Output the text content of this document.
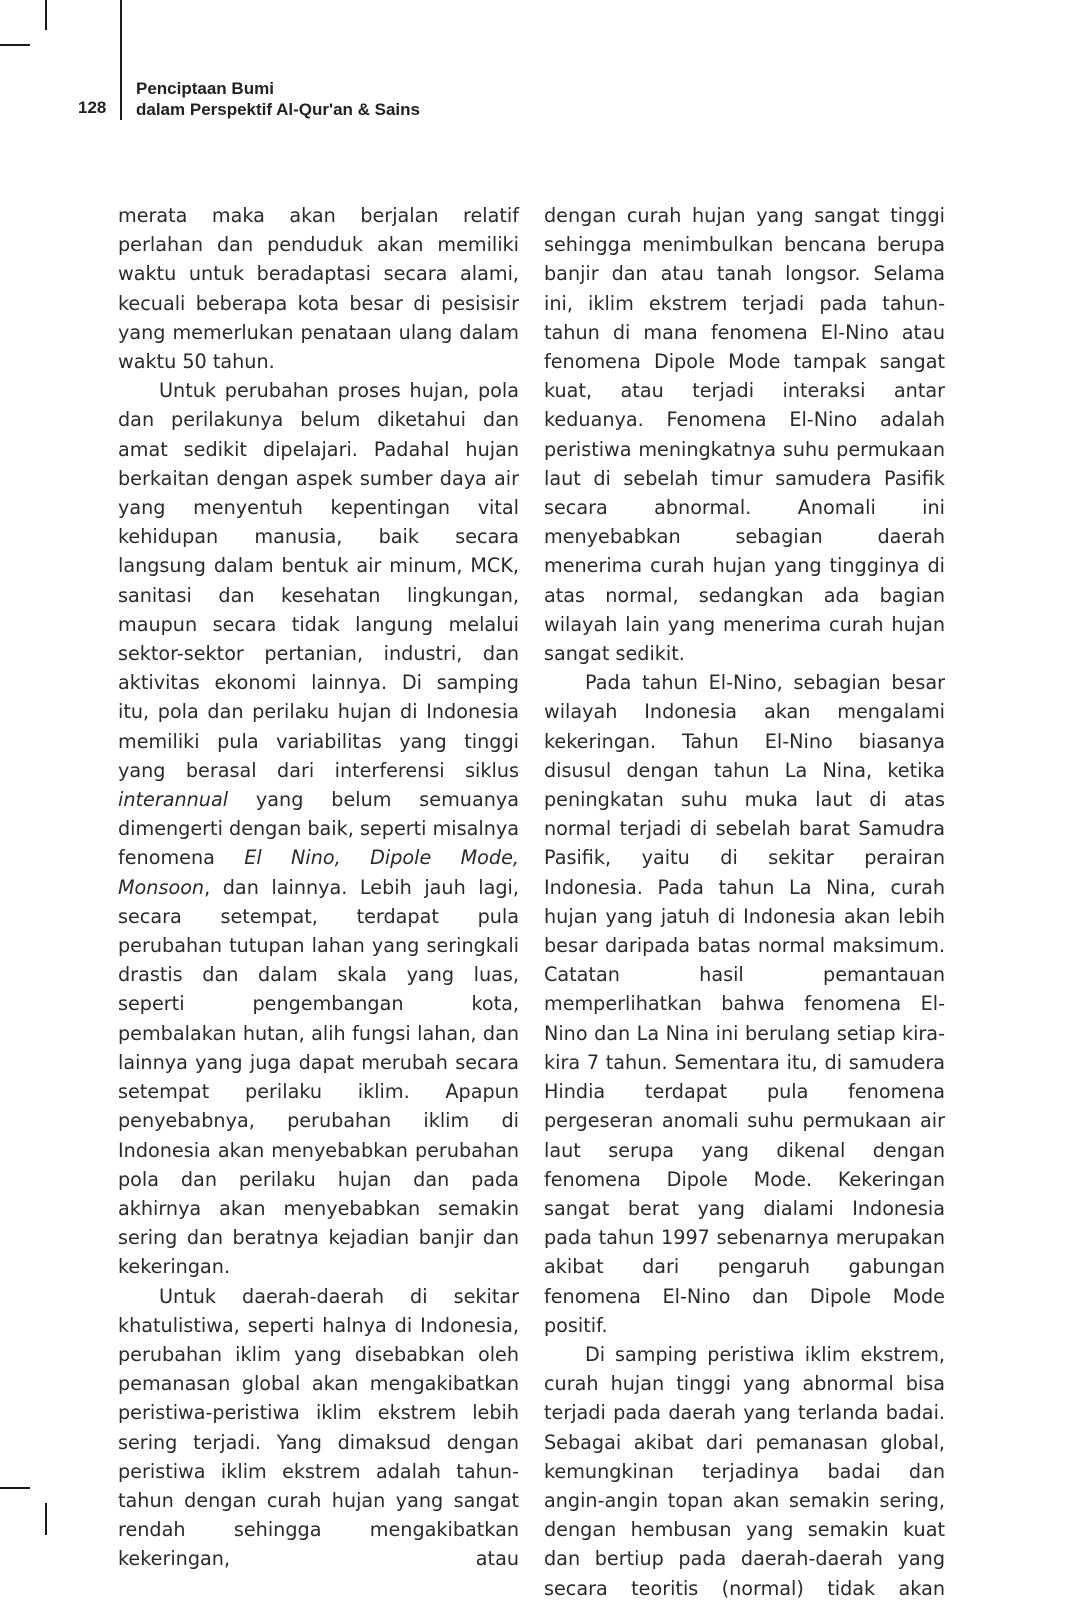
128
Penciptaan Bumi
dalam Perspektif Al-Qur'an & Sains

merata maka akan berjalan relatif perlahan dan penduduk akan memiliki waktu untuk beradaptasi secara alami, kecuali beberapa kota besar di pesisisir yang memerlukan penataan ulang dalam waktu 50 tahun.

Untuk perubahan proses hujan, pola dan perilakunya belum diketahui dan amat sedikit dipelajari. Padahal hujan berkaitan dengan aspek sumber daya air yang menyentuh kepentingan vital kehidupan manusia, baik secara langsung dalam bentuk air minum, MCK, sanitasi dan kesehatan lingkungan, maupun secara tidak langung melalui sektor-sektor pertanian, industri, dan aktivitas ekonomi lainnya. Di samping itu, pola dan perilaku hujan di Indonesia memiliki pula variabilitas yang tinggi yang berasal dari interferensi siklus interannual yang belum semuanya dimengerti dengan baik, seperti misalnya fenomena El Nino, Dipole Mode, Monsoon, dan lainnya. Lebih jauh lagi, secara setempat, terdapat pula perubahan tutupan lahan yang seringkali drastis dan dalam skala yang luas, seperti pengembangan kota, pembalakan hutan, alih fungsi lahan, dan lainnya yang juga dapat merubah secara setempat perilaku iklim. Apapun penyebabnya, perubahan iklim di Indonesia akan menyebabkan perubahan pola dan perilaku hujan dan pada akhirnya akan menyebabkan semakin sering dan beratnya kejadian banjir dan kekeringan.

Untuk daerah-daerah di sekitar khatulistiwa, seperti halnya di Indonesia, perubahan iklim yang disebabkan oleh pemanasan global akan mengakibatkan peristiwa-peristiwa iklim ekstrem lebih sering terjadi. Yang dimaksud dengan peristiwa iklim ekstrem adalah tahun-tahun dengan curah hujan yang sangat rendah sehingga mengakibatkan kekeringan, atau

dengan curah hujan yang sangat tinggi sehingga menimbulkan bencana berupa banjir dan atau tanah longsor. Selama ini, iklim ekstrem terjadi pada tahun-tahun di mana fenomena El-Nino atau fenomena Dipole Mode tampak sangat kuat, atau terjadi interaksi antar keduanya. Fenomena El-Nino adalah peristiwa meningkatnya suhu permukaan laut di sebelah timur samudera Pasifik secara abnormal. Anomali ini menyebabkan sebagian daerah menerima curah hujan yang tingginya di atas normal, sedangkan ada bagian wilayah lain yang menerima curah hujan sangat sedikit.

Pada tahun El-Nino, sebagian besar wilayah Indonesia akan mengalami kekeringan. Tahun El-Nino biasanya disusul dengan tahun La Nina, ketika peningkatan suhu muka laut di atas normal terjadi di sebelah barat Samudra Pasifik, yaitu di sekitar perairan Indonesia. Pada tahun La Nina, curah hujan yang jatuh di Indonesia akan lebih besar daripada batas normal maksimum. Catatan hasil pemantauan memperlihatkan bahwa fenomena El-Nino dan La Nina ini berulang setiap kira-kira 7 tahun. Sementara itu, di samudera Hindia terdapat pula fenomena pergeseran anomali suhu permukaan air laut serupa yang dikenal dengan fenomena Dipole Mode. Kekeringan sangat berat yang dialami Indonesia pada tahun 1997 sebenarnya merupakan akibat dari pengaruh gabungan fenomena El-Nino dan Dipole Mode positif.

Di samping peristiwa iklim ekstrem, curah hujan tinggi yang abnormal bisa terjadi pada daerah yang terlanda badai. Sebagai akibat dari pemanasan global, kemungkinan terjadinya badai dan angin-angin topan akan semakin sering, dengan hembusan yang semakin kuat dan bertiup pada daerah-daerah yang secara teoritis (normal) tidak akan
